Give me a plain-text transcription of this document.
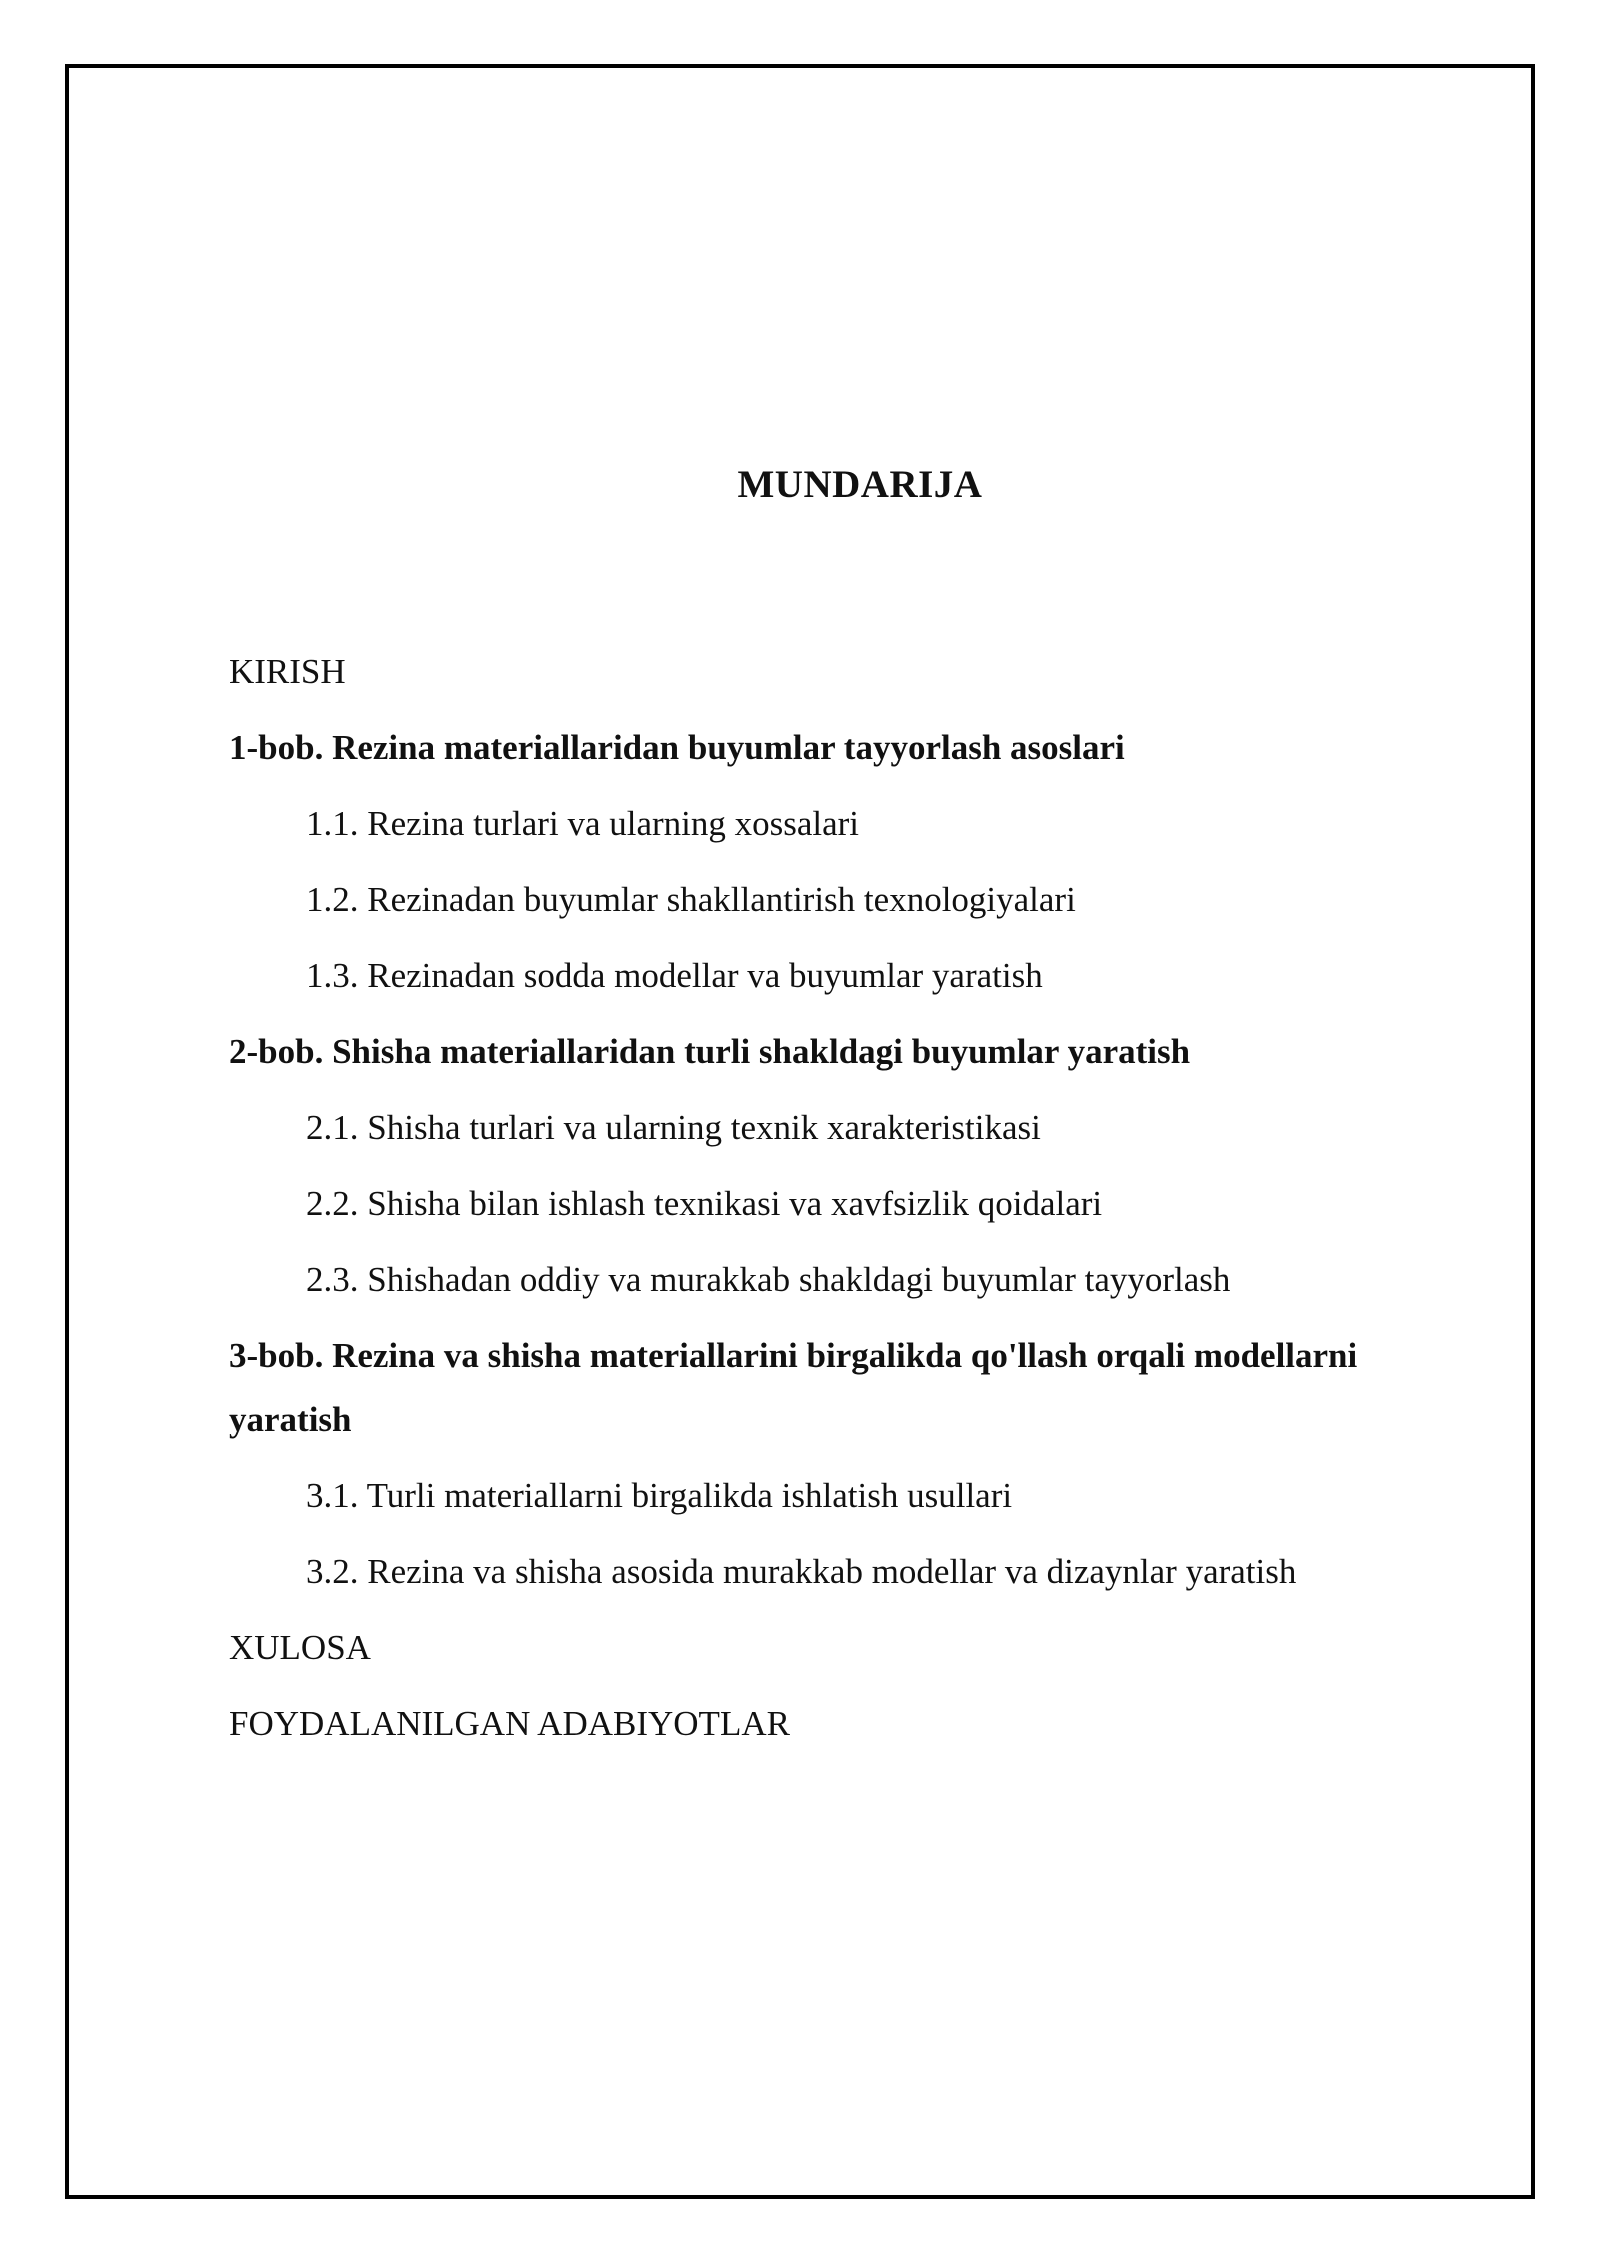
MUNDARIJA

KIRISH

1-bob. Rezina materiallaridan buyumlar tayyorlash asoslari

1.1. Rezina turlari va ularning xossalari

1.2. Rezinadan buyumlar shakllantirish texnologiyalari

1.3. Rezinadan sodda modellar va buyumlar yaratish

2-bob. Shisha materiallaridan turli shakldagi buyumlar yaratish

2.1. Shisha turlari va ularning texnik xarakteristikasi

2.2. Shisha bilan ishlash texnikasi va xavfsizlik qoidalari

2.3. Shishadan oddiy va murakkab shakldagi buyumlar tayyorlash

3-bob. Rezina va shisha materiallarini birgalikda qo'llash orqali modellarni yaratish

3.1. Turli materiallarni birgalikda ishlatish usullari

3.2. Rezina va shisha asosida murakkab modellar va dizaynlar yaratish

XULOSA

FOYDALANILGAN ADABIYOTLAR
